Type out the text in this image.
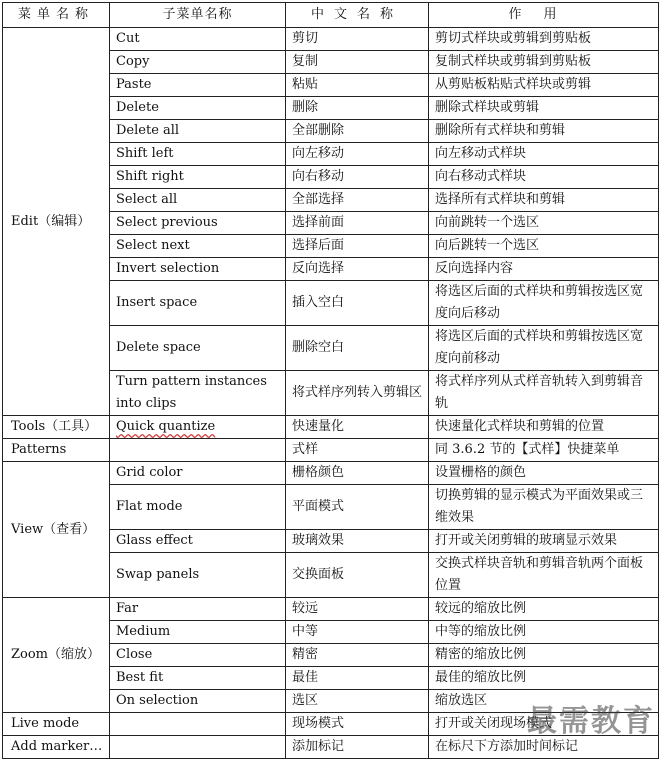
菜单名称	子菜单名称	中文名称	作用
Edit（编辑）	Cut	剪切	剪切式样块或剪辑到剪贴板
	Copy	复制	复制式样块或剪辑到剪贴板
	Paste	粘贴	从剪贴板粘贴式样块或剪辑
	Delete	删除	删除式样块或剪辑
	Delete all	全部删除	删除所有式样块和剪辑
	Shift left	向左移动	向左移动式样块
	Shift right	向右移动	向右移动式样块
	Select all	全部选择	选择所有式样块和剪辑
	Select previous	选择前面	向前跳转一个选区
	Select next	选择后面	向后跳转一个选区
	Invert selection	反向选择	反向选择内容
	Insert space	插入空白	将选区后面的式样块和剪辑按选区宽度向后移动
	Delete space	删除空白	将选区后面的式样块和剪辑按选区宽度向前移动
	Turn pattern instances into clips	将式样序列转入剪辑区	将式样序列从式样音轨转入到剪辑音轨
Tools（工具）	Quick quantize	快速量化	快速量化式样块和剪辑的位置
Patterns		式样	同 3.6.2 节的【式样】快捷菜单
View（查看）	Grid color	栅格颜色	设置栅格的颜色
	Flat mode	平面模式	切换剪辑的显示模式为平面效果或三维效果
	Glass effect	玻璃效果	打开或关闭剪辑的玻璃显示效果
	Swap panels	交换面板	交换式样块音轨和剪辑音轨两个面板位置
Zoom（缩放）	Far	较远	较远的缩放比例
	Medium	中等	中等的缩放比例
	Close	精密	精密的缩放比例
	Best fit	最佳	最佳的缩放比例
	On selection	选区	缩放选区
Live mode		现场模式	打开或关闭现场模式
Add marker…		添加标记	在标尺下方添加时间标记
最需教育
